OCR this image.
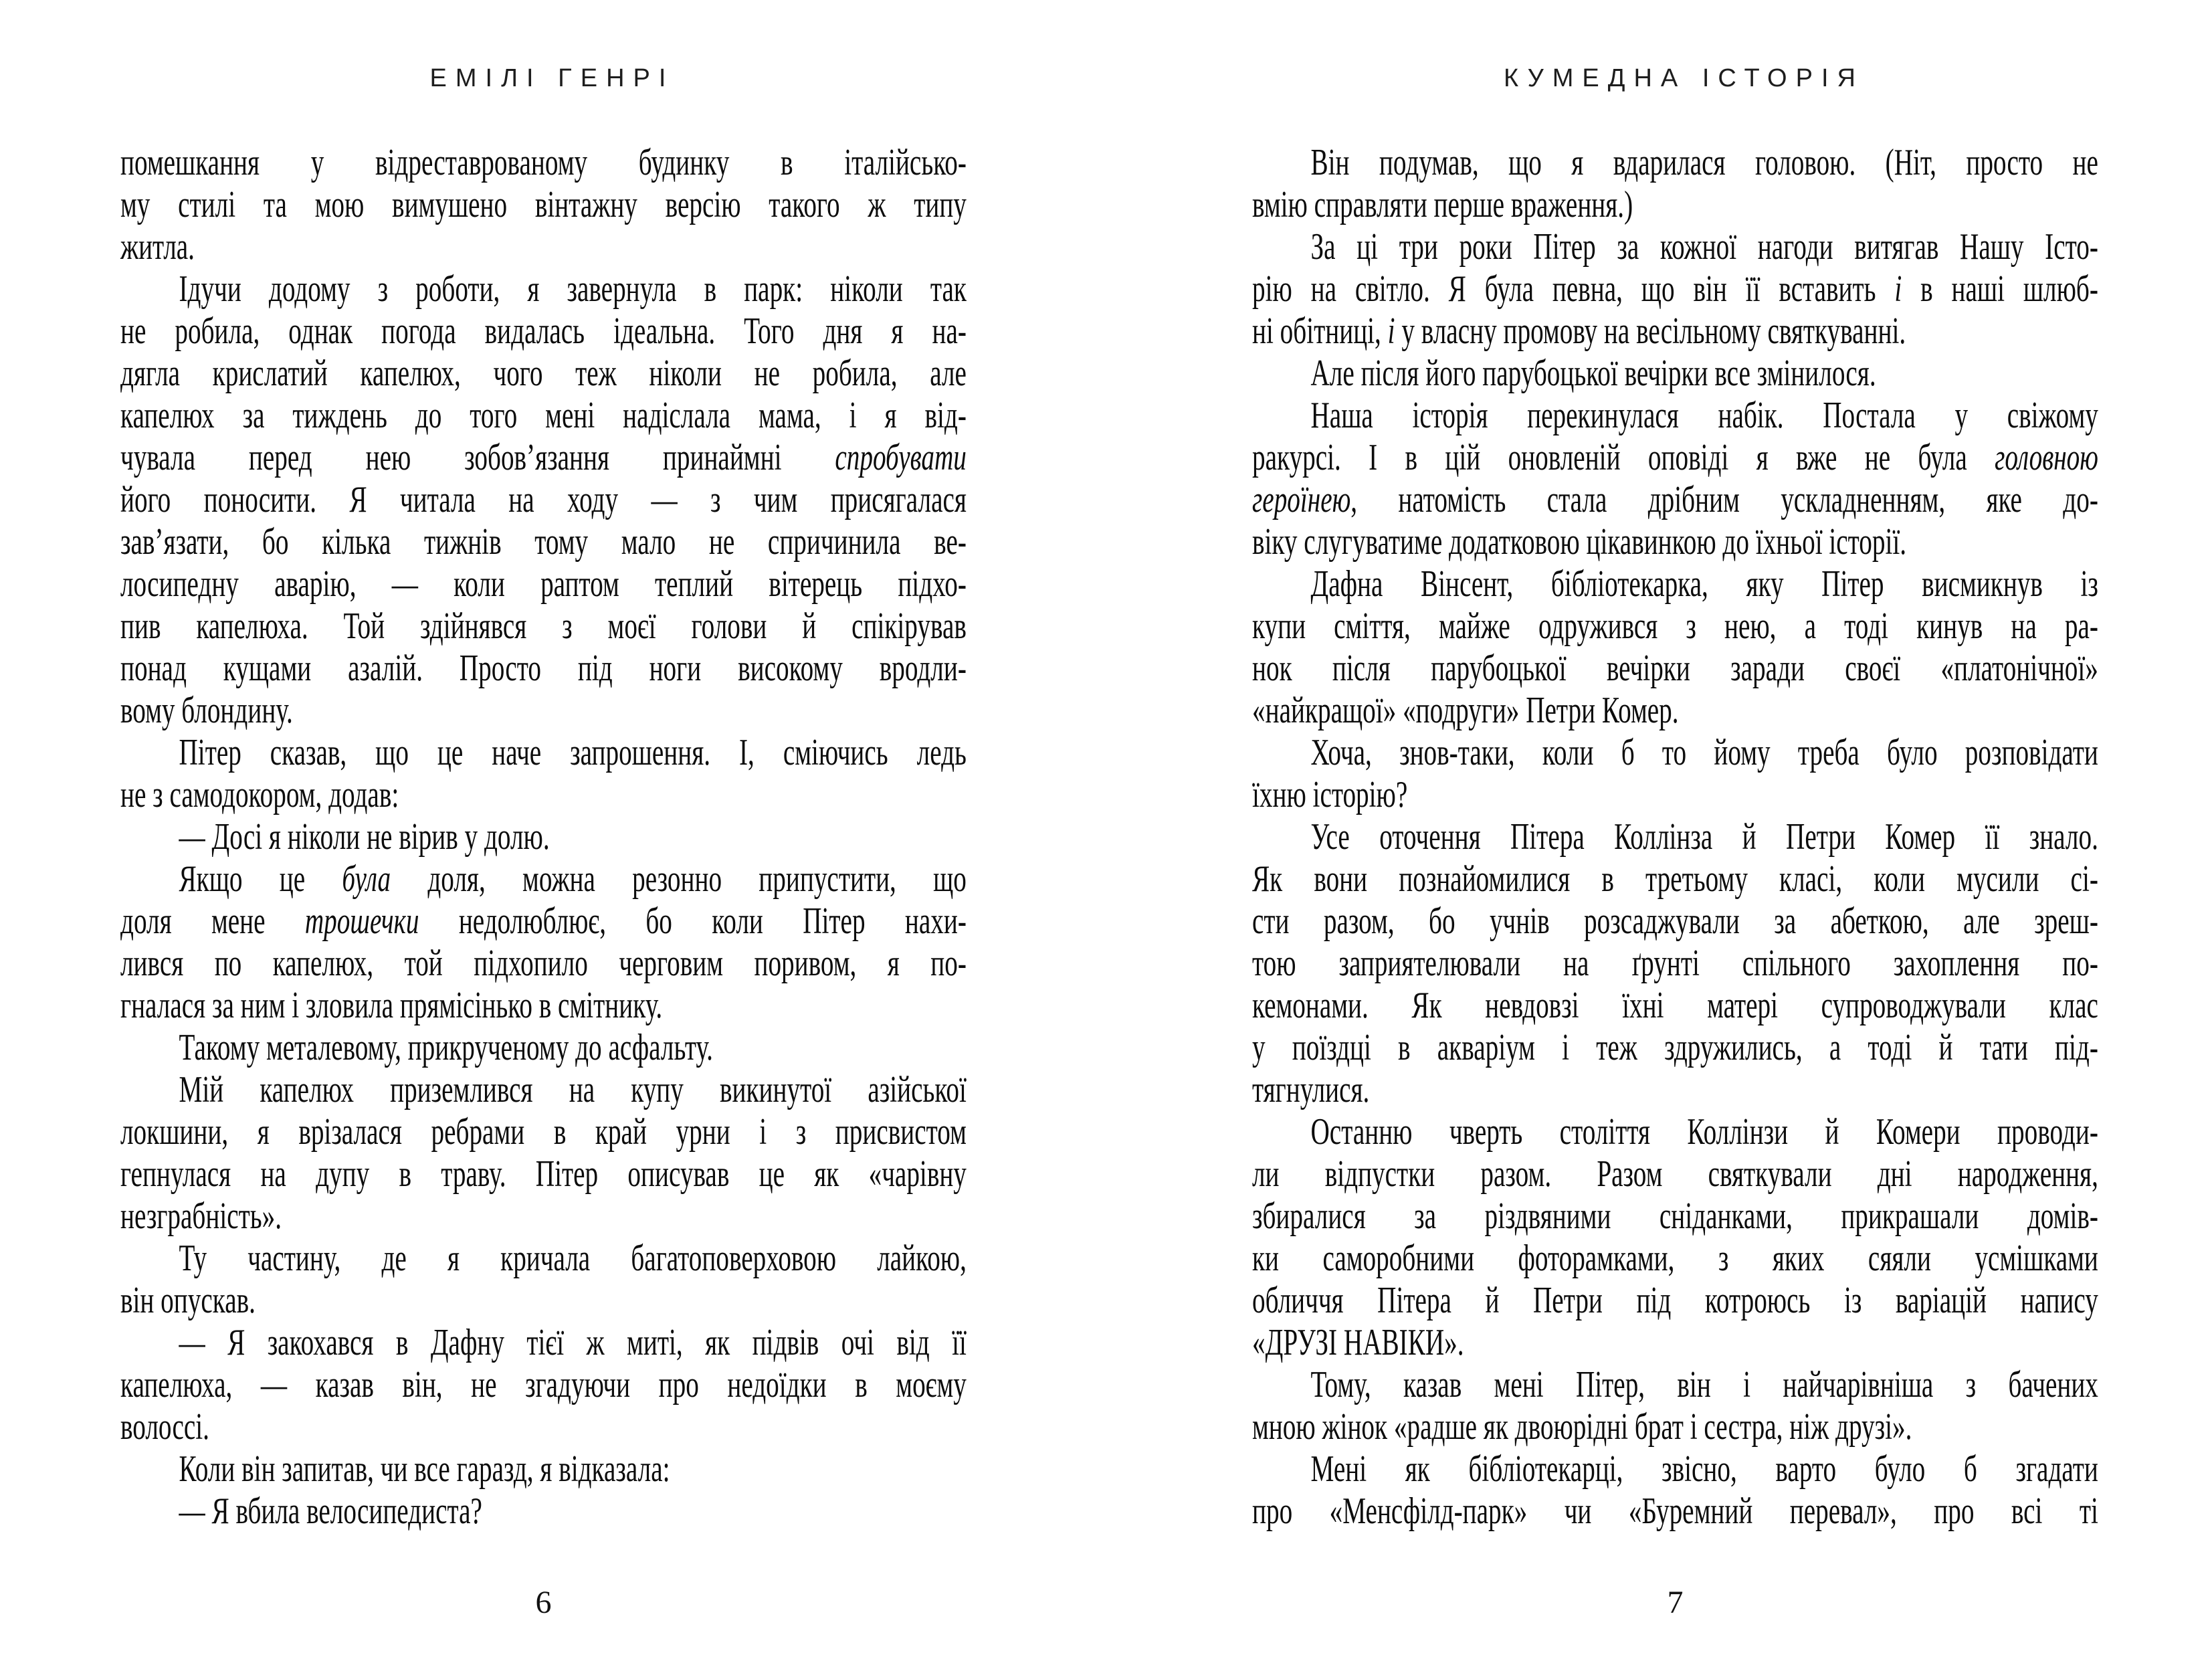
ЕМІЛІ ГЕНРІ	КУМЕДНА ІСТОРІЯ
помешкання у відреставрованому будинку в італійсько-
му стилі та мою вимушено вінтажну версію такого ж типу
житла.
Ідучи додому з роботи, я завернула в парк: ніколи так
не робила, однак погода видалась ідеальна. Того дня я на-
дягла крислатий капелюх, чого теж ніколи не робила, але
капелюх за тиждень до того мені надіслала мама, і я від-
чувала перед нею зобов’язання принаймні спробувати
його поносити. Я читала на ходу — з чим присягалася
зав’язати, бо кілька тижнів тому мало не спричинила ве-
лосипедну аварію, — коли раптом теплий вітерець підхо-
пив капелюха. Той здійнявся з моєї голови й спікірував
понад кущами азалій. Просто під ноги високому вродли-
вому блондину.
Пітер сказав, що це наче запрошення. І, сміючись ледь
не з самодокором, додав:
— Досі я ніколи не вірив у долю.
Якщо це була доля, можна резонно припустити, що
доля мене трошечки недолюблює, бо коли Пітер нахи-
лився по капелюх, той підхопило черговим поривом, я по-
гналася за ним і зловила прямісінько в смітнику.
Такому металевому, прикрученому до асфальту.
Мій капелюх приземлився на купу викинутої азійської
локшини, я врізалася ребрами в край урни і з присвистом
гепнулася на дупу в траву. Пітер описував це як «чарівну
незграбність».
Ту частину, де я кричала багатоповерховою лайкою,
він опускав.
— Я закохався в Дафну тієї ж миті, як підвів очі від її
капелюха, — казав він, не згадуючи про недоїдки в моєму
волоссі.
Коли він запитав, чи все гаразд, я відказала:
— Я вбила велосипедиста?
Він подумав, що я вдарилася головою. (Ніт, просто не
вмію справляти перше враження.)
За ці три роки Пітер за кожної нагоди витягав Нашу Істо-
рію на світло. Я була певна, що він її вставить і в наші шлюб-
ні обітниці, і у власну промову на весільному святкуванні.
Але після його парубоцької вечірки все змінилося.
Наша історія перекинулася набік. Постала у свіжому
ракурсі. І в цій оновленій оповіді я вже не була головною
героїнею, натомість стала дрібним ускладненням, яке до-
віку слугуватиме додатковою цікавинкою до їхньої історії.
Дафна Вінсент, бібліотекарка, яку Пітер висмикнув із
купи сміття, майже одружився з нею, а тоді кинув на ра-
нок після парубоцької вечірки заради своєї «платонічної»
«найкращої» «подруги» Петри Комер.
Хоча, знов-таки, коли б то йому треба було розповідати
їхню історію?
Усе оточення Пітера Коллінза й Петри Комер її знало.
Як вони познайомилися в третьому класі, коли мусили сі-
сти разом, бо учнів розсаджували за абеткою, але зреш-
тою заприятелювали на ґрунті спільного захоплення по-
кемонами. Як невдовзі їхні матері супроводжували клас
у поїздці в акваріум і теж здружились, а тоді й тати під-
тягнулися.
Останню чверть століття Коллінзи й Комери проводи-
ли відпустки разом. Разом святкували дні народження,
збиралися за різдвяними сніданками, прикрашали домів-
ки саморобними фоторамками, з яких сяяли усмішками
обличчя Пітера й Петри під котроюсь із варіацій напису
«ДРУЗІ НАВІКИ».
Тому, казав мені Пітер, він і найчарівніша з бачених
мною жінок «радше як двоюрідні брат і сестра, ніж друзі».
Мені як бібліотекарці, звісно, варто було б згадати
про «Менсфілд-парк» чи «Буремний перевал», про всі ті
6	7
